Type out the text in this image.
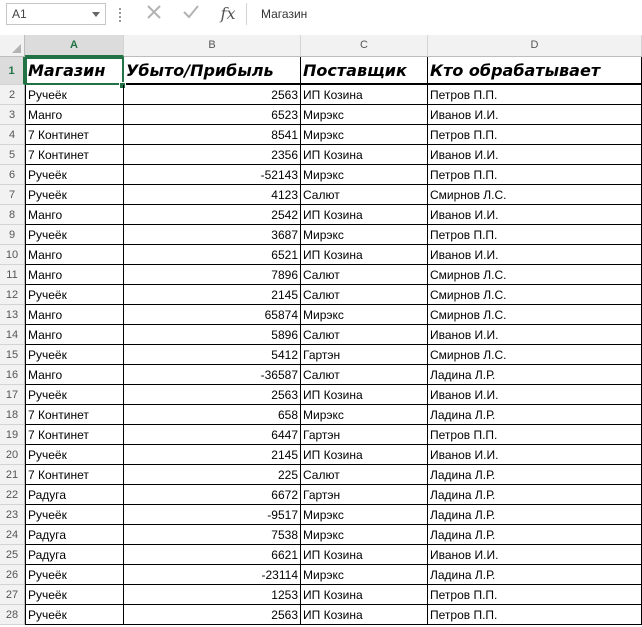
A1	fx	Магазин
A	B	C	D
1 Магазин	Убыто/Прибыль	Поставщик	Кто обрабатывает
2	Ручеёк	2563 ИП Козина	Петров П.П.
3	Манго	6523 Мирэкс	Иванов И.И.
4	7 Континет	8541 Мирэкс	Петров П.П.
5	7 Континет	2356 ИП Козина	Иванов И.И.
6	Ручеёк	-52143 Мирэкс	Петров П.П.
7	Ручеёк	4123 Салют	Смирнов Л.С.
8	Манго	2542 ИП Козина	Иванов И.И.
9	Ручеёк	3687 Мирэкс	Петров П.П.
10 Манго	6521 ИП Козина	Иванов И.И.
11 Манго	7896 Салют	Смирнов Л.С.
12 Ручеёк	2145 Салют	Смирнов Л.С.
13 Манго	65874 Мирэкс	Смирнов Л.С.
14 Манго	5896 Салют	Иванов И.И.
15 Ручеёк	5412 Гартэн	Смирнов Л.С.
16 Манго	-36587 Салют	Ладина Л.Р.
17 Ручеёк	2563 ИП Козина	Иванов И.И.
18 7 Континет	658 Мирэкс	Ладина Л.Р.
19 7 Континет	6447 Гартэн	Петров П.П.
20 Ручеёк	2145 ИП Козина	Иванов И.И.
21 7 Континет	225 Салют	Ладина Л.Р.
22 Радуга	6672 Гартэн	Ладина Л.Р.
23 Ручеёк	-9517 Мирэкс	Ладина Л.Р.
24 Радуга	7538 Мирэкс	Ладина Л.Р.
25 Радуга	6621 ИП Козина	Иванов И.И.
26 Ручеёк	-23114 Мирэкс	Ладина Л.Р.
27 Ручеёк	1253 ИП Козина	Петров П.П.
28 Ручеёк	2563 ИП Козина	Петров П.П.
